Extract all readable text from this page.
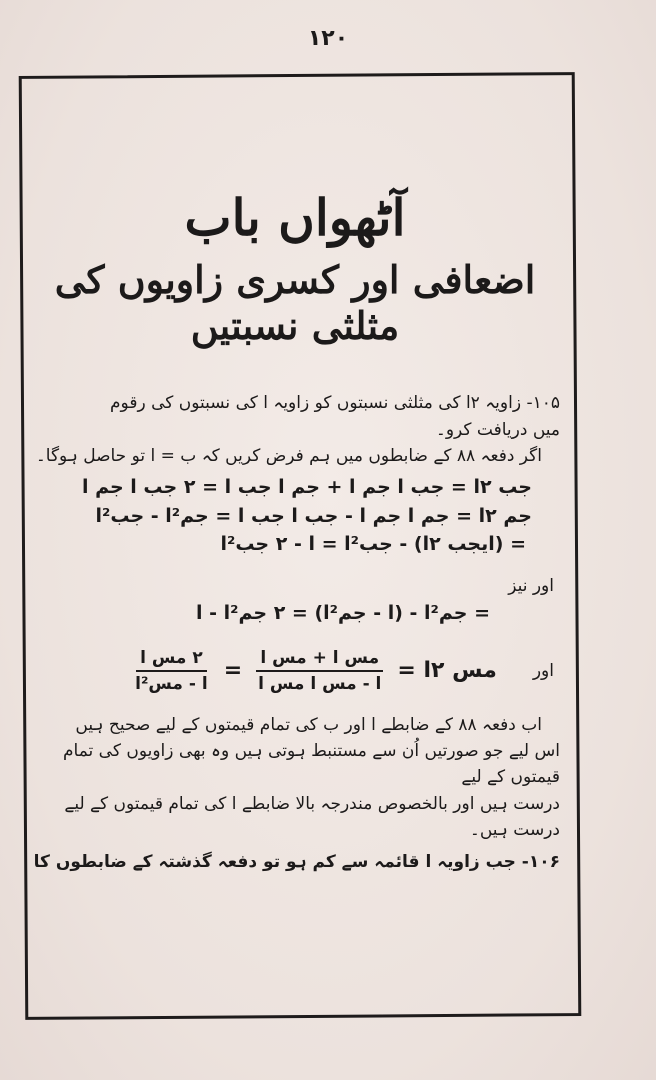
١٢٠
آٹھواں باب
اضعافی اور کسری زاویوں کی مثلثی نسبتیں
۱۰۵- زاویہ ۲ا کی مثلثی نسبتوں کو زاویہ ا کی نسبتوں کی رقوم
میں دریافت کرو۔
اگر دفعہ ۸۸ کے ضابطوں میں ہم فرض کریں کہ ب = ا تو حاصل ہوگا۔
جب ۲ا = جب ا جم ا + جم ا جب ا = ۲ جب ا جم ا
جم ۲ا = جم ا جم ا - جب ا جب ا = جم²ا - جب²ا
= (ایجب ۲ا) - جب²ا = ا - ۲ جب²ا
اور نیز
= جم²ا - (ا - جم²ا) = ۲ جم²ا - ا
اور
مس ۲ا =
$\frac{\text{مس ا + مس ا}}{\text{ا - مس ا مس ا}}$
=
$\frac{\text{۲ مس ا}}{\text{ا - مس²ا}}$
اب دفعہ ۸۸ کے ضابطے ا اور ب کی تمام قیمتوں کے لیے صحیح ہیں
اس لیے جو صورتیں اُن سے مستنبط ہوتی ہیں وہ بھی زاویوں کی تمام قیمتوں کے لیے
درست ہیں اور بالخصوص مندرجہ بالا ضابطے ا کی تمام قیمتوں کے لیے
درست ہیں۔
۱۰۶- جب زاویہ ا قائمہ سے کم ہو تو دفعہ گذشتہ کے ضابطوں کا
